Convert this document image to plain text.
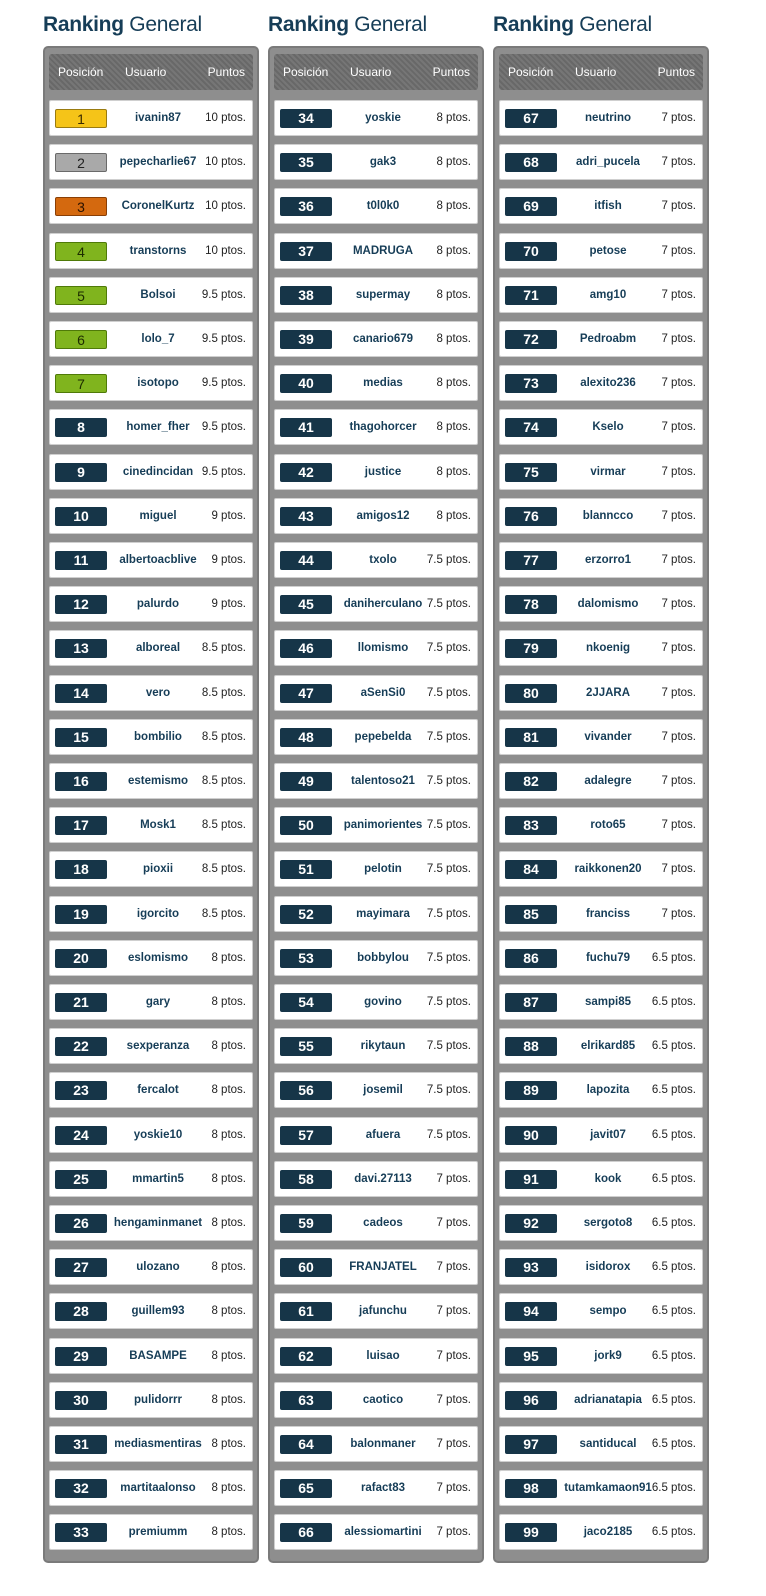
Ranking General
Posición Usuario	Puntos
1	ivanin87	10 ptos.
2	pepecharlie67 10 ptos.
3	CoronelKurtz 10 ptos.
4	transtorns	10 ptos.
5	Bolsoi	9.5 ptos.
6	lolo_7	9.5 ptos.
7	isotopo	9.5 ptos.
8	homer_fher	9.5 ptos.
9	cinedincidan 9.5 ptos.
10	miguel	9 ptos.
11	albertoacblive	9 ptos.
12	palurdo	9 ptos.
13	alboreal	8.5 ptos.
14	vero	8.5 ptos.
15	bombilio	8.5 ptos.
16	estemismo	8.5 ptos.
17	Mosk1	8.5 ptos.
18	pioxii	8.5 ptos.
19	igorcito	8.5 ptos.
20	eslomismo	8 ptos.
21	gary	8 ptos.
22	sexperanza	8 ptos.
23	fercalot	8 ptos.
24	yoskie10	8 ptos.
25	mmartin5	8 ptos.
26	hengaminmanet 8 ptos.
27	ulozano	8 ptos.
28	guillem93	8 ptos.
29	BASAMPE	8 ptos.
30	pulidorrr	8 ptos.
31	mediasmentiras 8 ptos.
32	martitaalonso	8 ptos.
33	premiumm	8 ptos.
Ranking General
Posición Usuario	Puntos
34	yoskie	8 ptos.
35	gak3	8 ptos.
36	t0l0k0	8 ptos.
37	MADRUGA	8 ptos.
38	supermay	8 ptos.
39	canario679	8 ptos.
40	medias	8 ptos.
41	thagohorcer	8 ptos.
42	justice	8 ptos.
43	amigos12	8 ptos.
44	txolo	7.5 ptos.
45	daniherculano 7.5 ptos.
46	llomismo	7.5 ptos.
47	aSenSi0	7.5 ptos.
48	pepebelda	7.5 ptos.
49	talentoso21	7.5 ptos.
50	panimorientes 7.5 ptos.
51	pelotin	7.5 ptos.
52	mayimara	7.5 ptos.
53	bobbylou	7.5 ptos.
54	govino	7.5 ptos.
55	rikytaun	7.5 ptos.
56	josemil	7.5 ptos.
57	afuera	7.5 ptos.
58	davi.27113	7 ptos.
59	cadeos	7 ptos.
60	FRANJATEL	7 ptos.
61	jafunchu	7 ptos.
62	luisao	7 ptos.
63	caotico	7 ptos.
64	balonmaner	7 ptos.
65	rafact83	7 ptos.
66	alessiomartini	7 ptos.
Ranking General
Posición Usuario	Puntos
67	neutrino	7 ptos.
68	adri_pucela	7 ptos.
69	itfish	7 ptos.
70	petose	7 ptos.
71	amg10	7 ptos.
72	Pedroabm	7 ptos.
73	alexito236	7 ptos.
74	Kselo	7 ptos.
75	virmar	7 ptos.
76	blanncco	7 ptos.
77	erzorro1	7 ptos.
78	dalomismo	7 ptos.
79	nkoenig	7 ptos.
80	2JJARA	7 ptos.
81	vivander	7 ptos.
82	adalegre	7 ptos.
83	roto65	7 ptos.
84	raikkonen20	7 ptos.
85	franciss	7 ptos.
86	fuchu79	6.5 ptos.
87	sampi85	6.5 ptos.
88	elrikard85	6.5 ptos.
89	lapozita	6.5 ptos.
90	javit07	6.5 ptos.
91	kook	6.5 ptos.
92	sergoto8	6.5 ptos.
93	isidorox	6.5 ptos.
94	sempo	6.5 ptos.
95	jork9	6.5 ptos.
96	adrianatapia 6.5 ptos.
97	santiducal	6.5 ptos.
98	tutamkamaon91 6.5 ptos.
99	jaco2185	6.5 ptos.
